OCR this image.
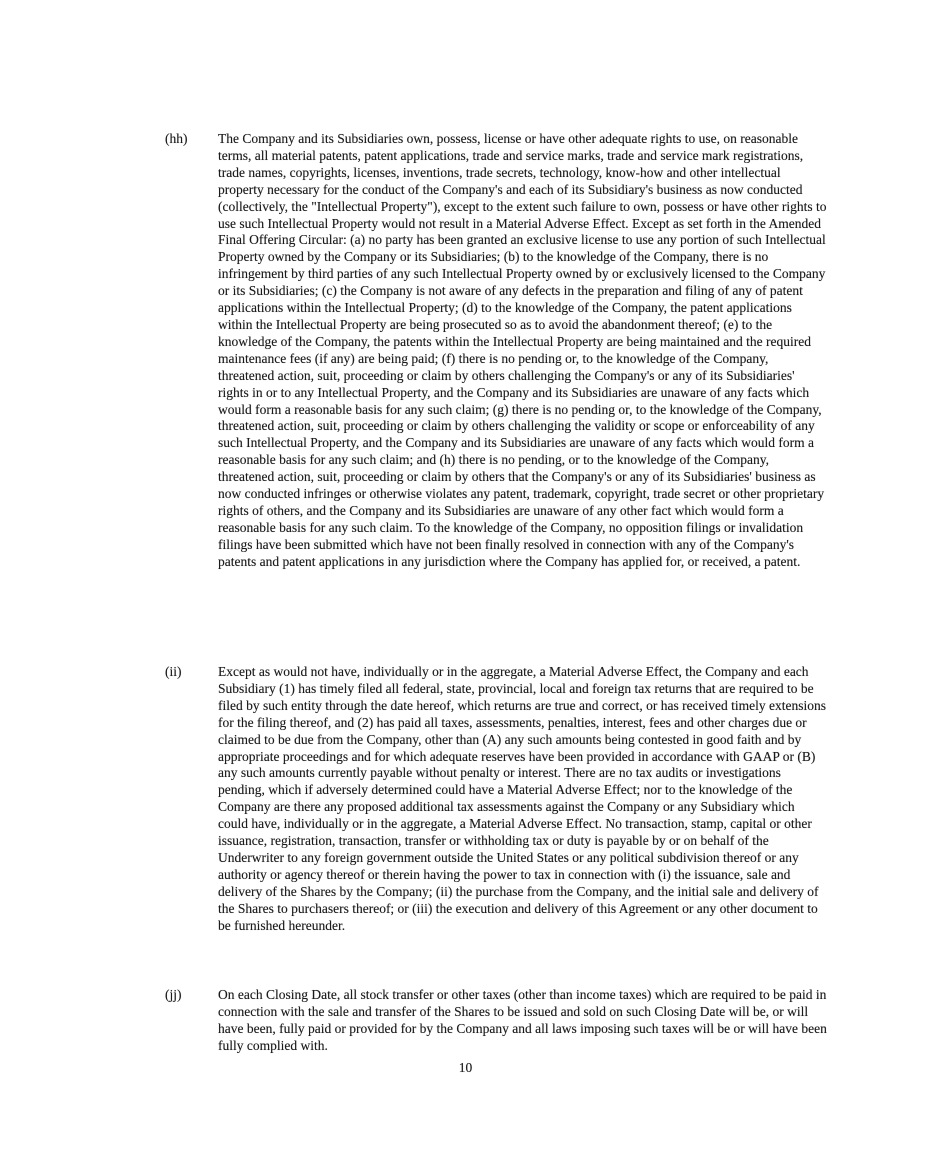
(hh)	The Company and its Subsidiaries own, possess, license or have other adequate rights to use, on reasonable terms, all material patents, patent applications, trade and service marks, trade and service mark registrations, trade names, copyrights, licenses, inventions, trade secrets, technology, know-how and other intellectual property necessary for the conduct of the Company's and each of its Subsidiary's business as now conducted (collectively, the "Intellectual Property"), except to the extent such failure to own, possess or have other rights to use such Intellectual Property would not result in a Material Adverse Effect. Except as set forth in the Amended Final Offering Circular: (a) no party has been granted an exclusive license to use any portion of such Intellectual Property owned by the Company or its Subsidiaries; (b) to the knowledge of the Company, there is no infringement by third parties of any such Intellectual Property owned by or exclusively licensed to the Company or its Subsidiaries; (c) the Company is not aware of any defects in the preparation and filing of any of patent applications within the Intellectual Property; (d) to the knowledge of the Company, the patent applications within the Intellectual Property are being prosecuted so as to avoid the abandonment thereof; (e) to the knowledge of the Company, the patents within the Intellectual Property are being maintained and the required maintenance fees (if any) are being paid; (f) there is no pending or, to the knowledge of the Company, threatened action, suit, proceeding or claim by others challenging the Company's or any of its Subsidiaries' rights in or to any Intellectual Property, and the Company and its Subsidiaries are unaware of any facts which would form a reasonable basis for any such claim; (g) there is no pending or, to the knowledge of the Company, threatened action, suit, proceeding or claim by others challenging the validity or scope or enforceability of any such Intellectual Property, and the Company and its Subsidiaries are unaware of any facts which would form a reasonable basis for any such claim; and (h) there is no pending, or to the knowledge of the Company, threatened action, suit, proceeding or claim by others that the Company's or any of its Subsidiaries' business as now conducted infringes or otherwise violates any patent, trademark, copyright, trade secret or other proprietary rights of others, and the Company and its Subsidiaries are unaware of any other fact which would form a reasonable basis for any such claim. To the knowledge of the Company, no opposition filings or invalidation filings have been submitted which have not been finally resolved in connection with any of the Company's patents and patent applications in any jurisdiction where the Company has applied for, or received, a patent.
(ii)	Except as would not have, individually or in the aggregate, a Material Adverse Effect, the Company and each Subsidiary (1) has timely filed all federal, state, provincial, local and foreign tax returns that are required to be filed by such entity through the date hereof, which returns are true and correct, or has received timely extensions for the filing thereof, and (2) has paid all taxes, assessments, penalties, interest, fees and other charges due or claimed to be due from the Company, other than (A) any such amounts being contested in good faith and by appropriate proceedings and for which adequate reserves have been provided in accordance with GAAP or (B) any such amounts currently payable without penalty or interest. There are no tax audits or investigations pending, which if adversely determined could have a Material Adverse Effect; nor to the knowledge of the Company are there any proposed additional tax assessments against the Company or any Subsidiary which could have, individually or in the aggregate, a Material Adverse Effect. No transaction, stamp, capital or other issuance, registration, transaction, transfer or withholding tax or duty is payable by or on behalf of the Underwriter to any foreign government outside the United States or any political subdivision thereof or any authority or agency thereof or therein having the power to tax in connection with (i) the issuance, sale and delivery of the Shares by the Company; (ii) the purchase from the Company, and the initial sale and delivery of the Shares to purchasers thereof; or (iii) the execution and delivery of this Agreement or any other document to be furnished hereunder.
(jj)	On each Closing Date, all stock transfer or other taxes (other than income taxes) which are required to be paid in connection with the sale and transfer of the Shares to be issued and sold on such Closing Date will be, or will have been, fully paid or provided for by the Company and all laws imposing such taxes will be or will have been fully complied with.
10
